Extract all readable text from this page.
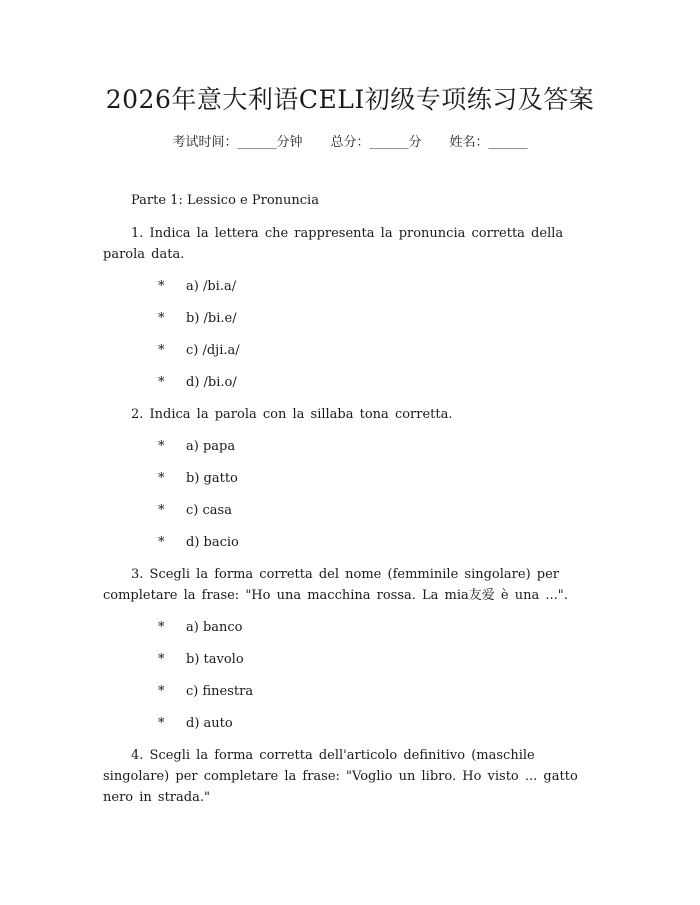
2026年意大利语CELI初级专项练习及答案
考试时间：______分钟 总分：______分 姓名：______
Parte 1: Lessico e Pronuncia
1. Indica la lettera che rappresenta la pronuncia corretta della parola data.
* a) /bi.a/
* b) /bi.e/
* c) /dji.a/
* d) /bi.o/
2. Indica la parola con la sillaba tona corretta.
* a) papa
* b) gatto
* c) casa
* d) bacio
3. Scegli la forma corretta del nome (femminile singolare) per completare la frase: "Ho una macchina rossa. La mia友爱 è una ...".
* a) banco
* b) tavolo
* c) finestra
* d) auto
4. Scegli la forma corretta dell'articolo definitivo (maschile singolare) per completare la frase: "Voglio un libro. Ho visto ... gatto nero in strada."
